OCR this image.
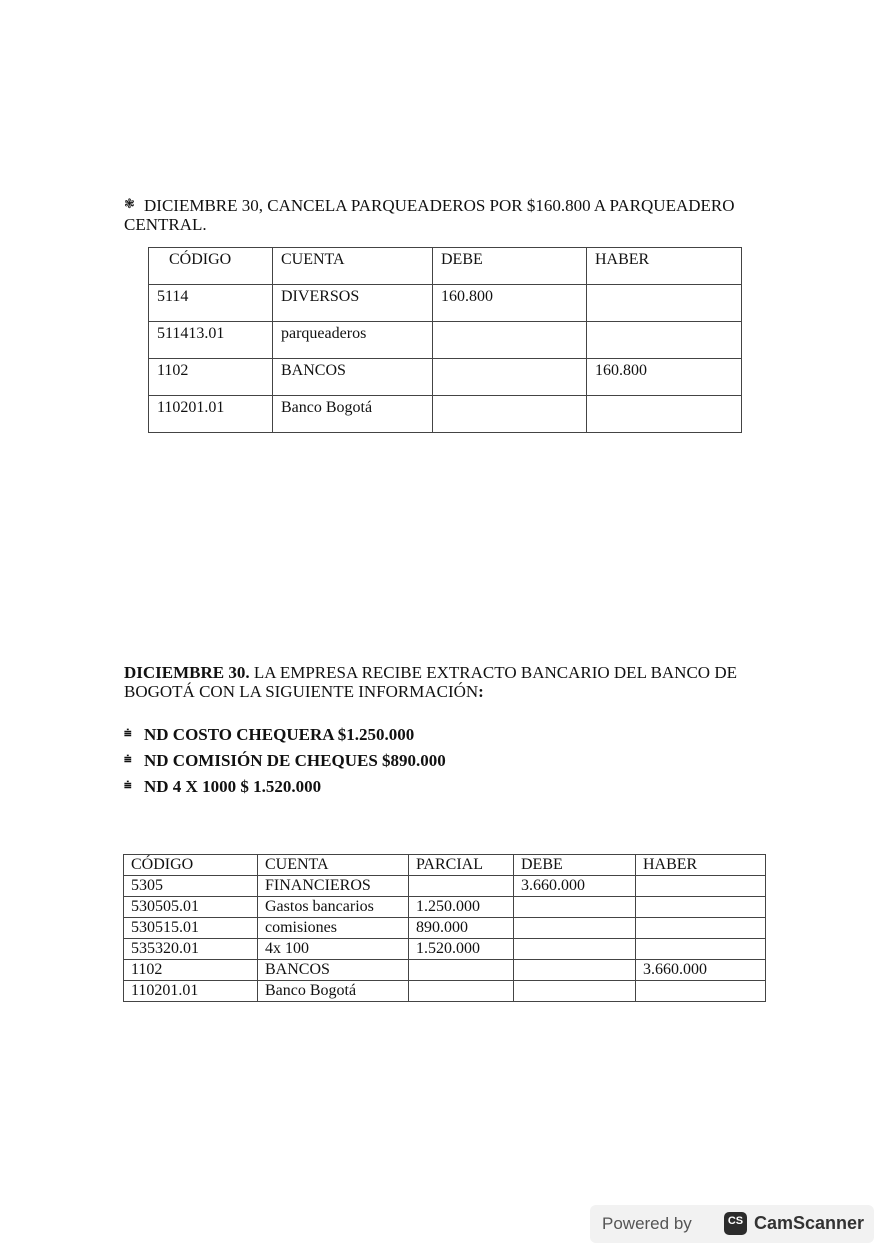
❃ DICIEMBRE 30, CANCELA PARQUEADEROS POR $160.800 A PARQUEADERO CENTRAL.
CÓDIGO	CUENTA	DEBE	HABER
5114	DIVERSOS	160.800	
511413.01	parqueaderos		
1102	BANCOS		160.800
110201.01	Banco Bogotá		
DICIEMBRE 30. LA EMPRESA RECIBE EXTRACTO BANCARIO DEL BANCO DE BOGOTÁ CON LA SIGUIENTE INFORMACIÓN:
⩧ ND COSTO CHEQUERA $1.250.000
⩧ ND COMISIÓN DE CHEQUES $890.000
⩧ ND 4 X 1000 $ 1.520.000
CÓDIGO	CUENTA	PARCIAL	DEBE	HABER
5305	FINANCIEROS		3.660.000	
530505.01	Gastos bancarios	1.250.000		
530515.01	comisiones	890.000		
535320.01	4x 100	1.520.000		
1102	BANCOS			3.660.000
110201.01	Banco Bogotá			
Powered by	CS CamScanner
